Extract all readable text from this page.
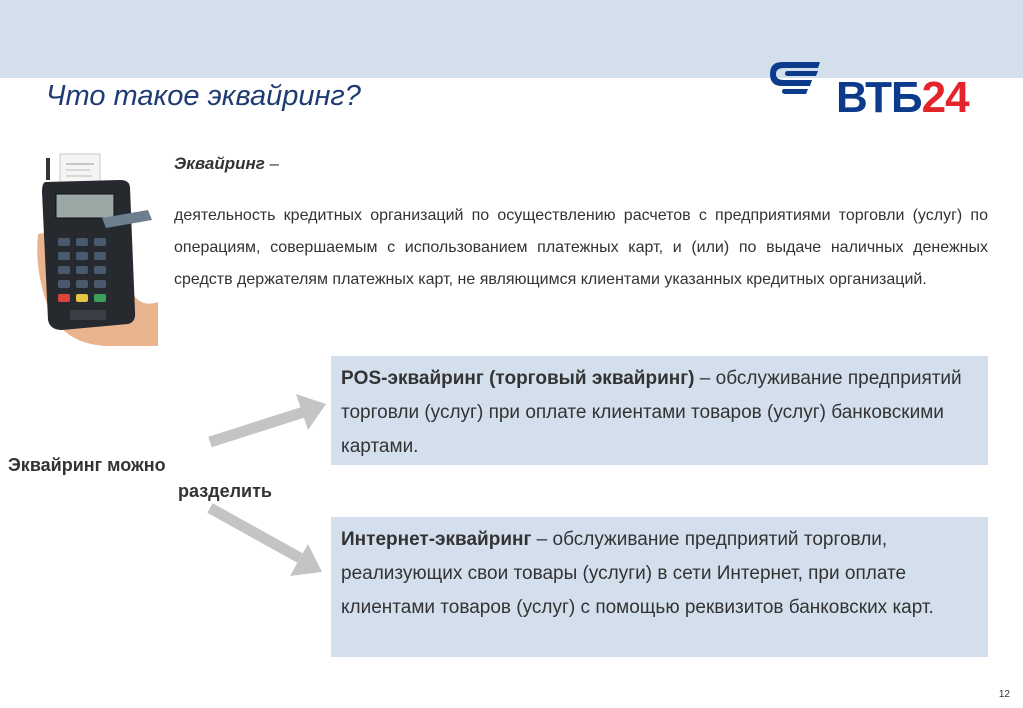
Что такое эквайринг?	ВТБ24
Эквайринг –

деятельность кредитных организаций по осуществлению расчетов с предприятиями торговли (услуг) по операциям, совершаемым с использованием платежных карт, и (или) по выдаче наличных денежных средств держателям платежных карт, не являющимся клиентами указанных кредитных организаций.

POS-эквайринг (торговый эквайринг) – обслуживание предприятий торговли (услуг) при оплате клиентами товаров (услуг) банковскими картами.
Интернет-эквайринг – обслуживание предприятий торговли, реализующих свои товары (услуги) в сети Интернет, при оплате клиентами товаров (услуг) с помощью реквизитов банковских карт.
Эквайринг можно
разделить
12
